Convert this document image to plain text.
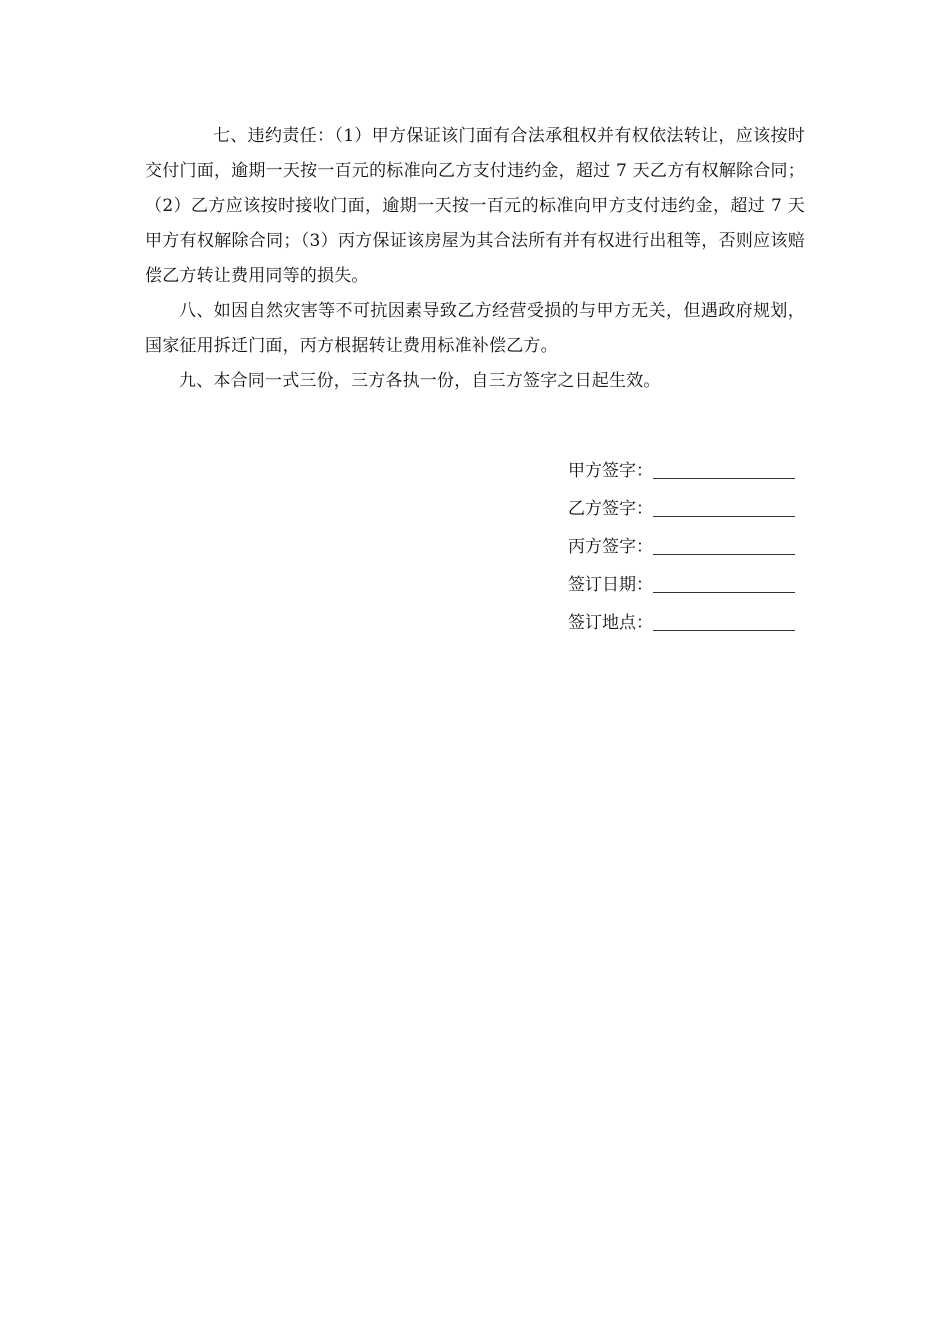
七、违约责任：（1）甲方保证该门面有合法承租权并有权依法转让，应该按时交付门面，逾期一天按一百元的标准向乙方支付违约金，超过 7 天乙方有权解除合同；（2）乙方应该按时接收门面，逾期一天按一百元的标准向甲方支付违约金，超过 7 天甲方有权解除合同；（3）丙方保证该房屋为其合法所有并有权进行出租等，否则应该赔偿乙方转让费用同等的损失。

八、如因自然灾害等不可抗因素导致乙方经营受损的与甲方无关，但遇政府规划，国家征用拆迁门面，丙方根据转让费用标准补偿乙方。

九、本合同一式三份，三方各执一份，自三方签字之日起生效。

甲方签字：
乙方签字：
丙方签字：
签订日期：
签订地点：
